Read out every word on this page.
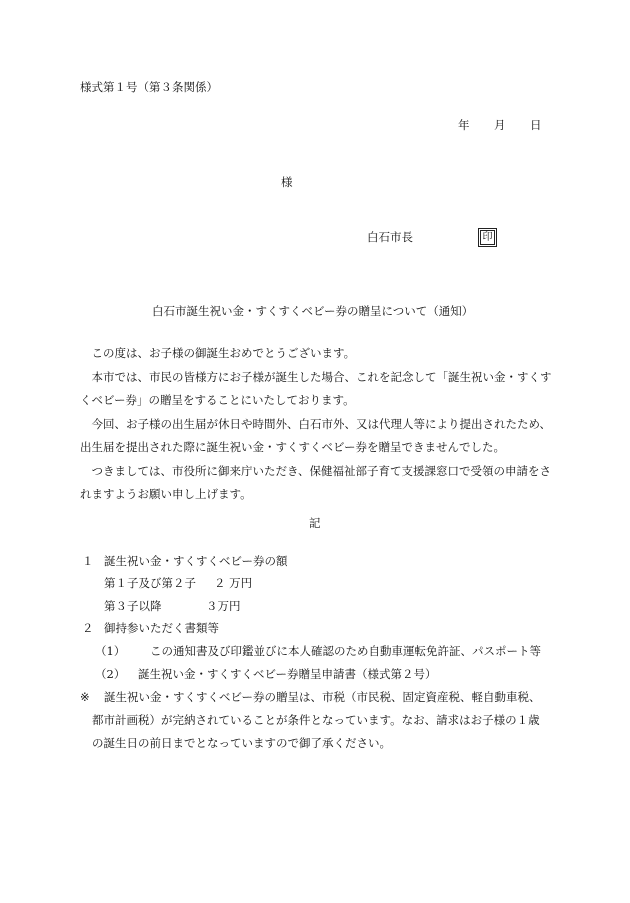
様式第１号（第３条関係）
年 月 日
様
白石市長	印
白石市誕生祝い金・すくすくベビー券の贈呈について（通知）

　この度は、お子様の御誕生おめでとうございます。

　本市では、市民の皆様方にお子様が誕生した場合、これを記念して「誕生祝い金・すくすくベビー券」の贈呈をすることにいたしております。

　今回、お子様の出生届が休日や時間外、白石市外、又は代理人等により提出されたため、出生届を提出された際に誕生祝い金・すくすくベビー券を贈呈できませんでした。

　つきましては、市役所に御来庁いただき、保健福祉部子育て支援課窓口で受領の申請をされますようお願い申し上げます。

記
１ 誕生祝い金・すくすくベビー券の額
第１子及び第２子 ２ 万円
第３子以降	３万円
２ 御持参いただく書類等
（1） この通知書及び印鑑並びに本人確認のため自動車運転免許証、パスポート等
（2） 誕生祝い金・すくすくベビー券贈呈申請書（様式第２号）
※ 誕生祝い金・すくすくベビー券の贈呈は、市税（市民税、固定資産税、軽自動車税、
都市計画税）が完納されていることが条件となっています。なお、請求はお子様の１歳
の誕生日の前日までとなっていますので御了承ください。
